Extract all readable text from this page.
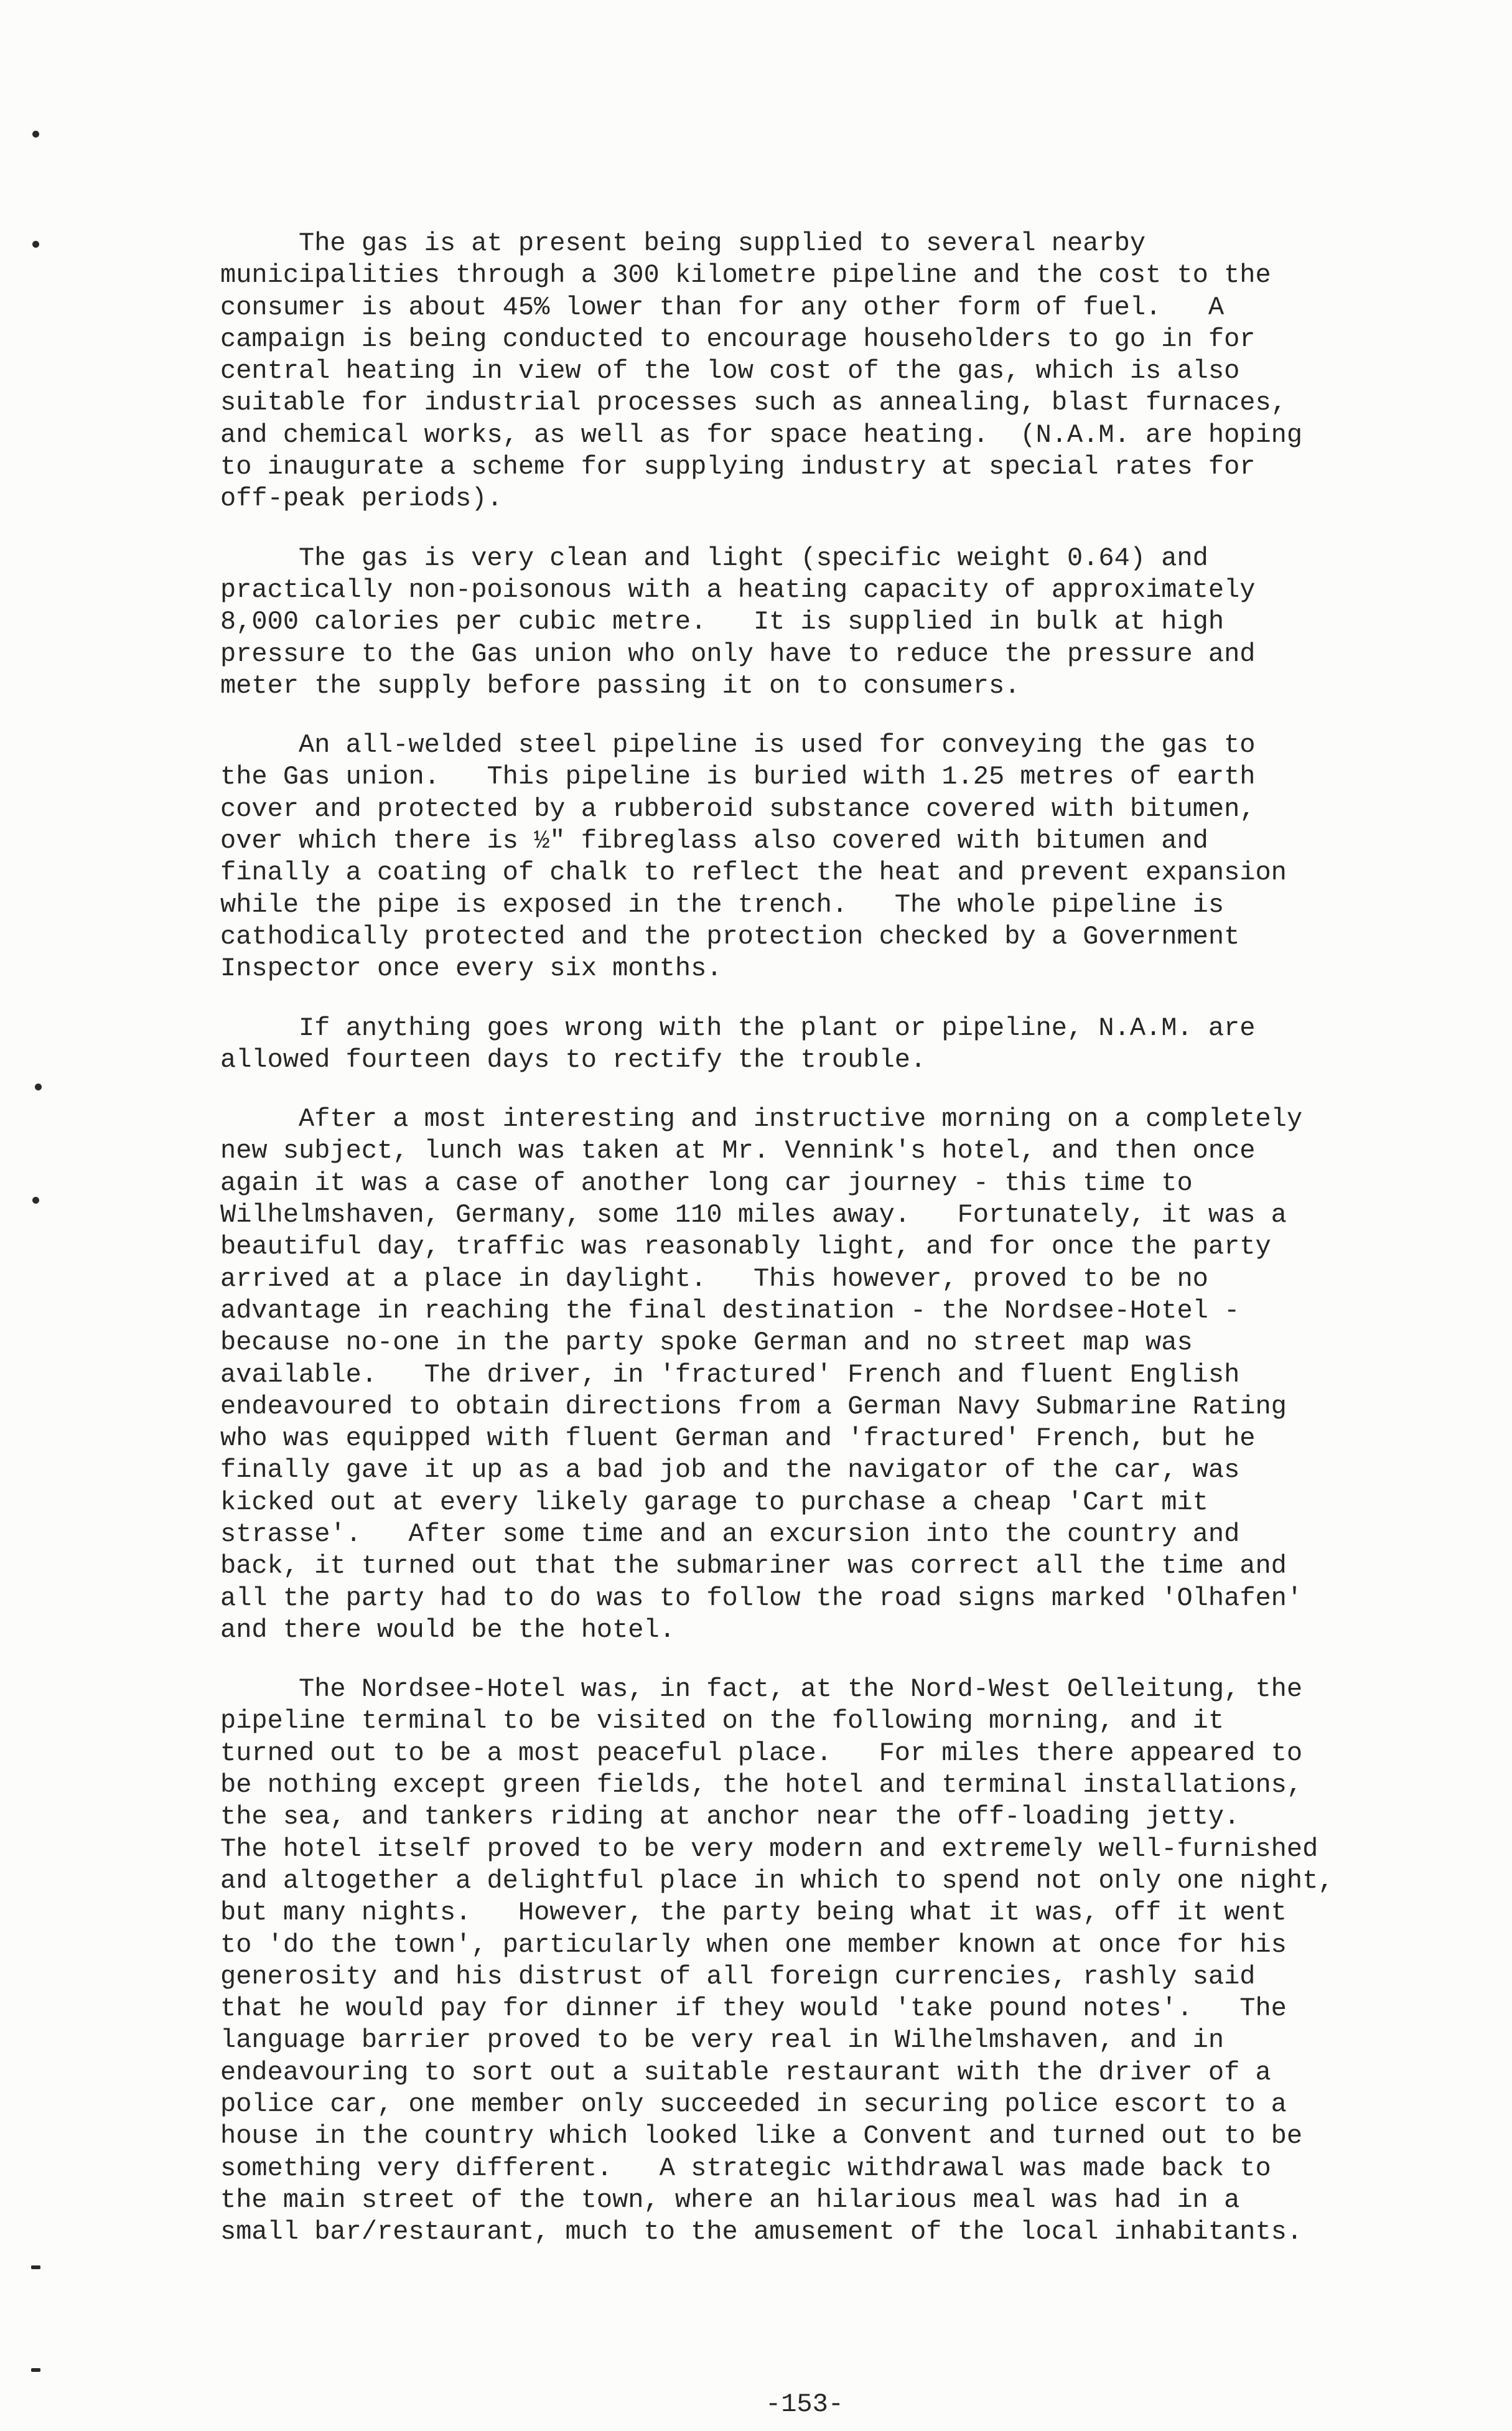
The gas is at present being supplied to several nearby
municipalities through a 300 kilometre pipeline and the cost to the
consumer is about 45% lower than for any other form of fuel.   A
campaign is being conducted to encourage householders to go in for
central heating in view of the low cost of the gas, which is also
suitable for industrial processes such as annealing, blast furnaces,
and chemical works, as well as for space heating.  (N.A.M. are hoping
to inaugurate a scheme for supplying industry at special rates for
off-peak periods).
The gas is very clean and light (specific weight 0.64) and
practically non-poisonous with a heating capacity of approximately
8,000 calories per cubic metre.   It is supplied in bulk at high
pressure to the Gas union who only have to reduce the pressure and
meter the supply before passing it on to consumers.
An all-welded steel pipeline is used for conveying the gas to
the Gas union.   This pipeline is buried with 1.25 metres of earth
cover and protected by a rubberoid substance covered with bitumen,
over which there is ½" fibreglass also covered with bitumen and
finally a coating of chalk to reflect the heat and prevent expansion
while the pipe is exposed in the trench.   The whole pipeline is
cathodically protected and the protection checked by a Government
Inspector once every six months.
If anything goes wrong with the plant or pipeline, N.A.M. are
allowed fourteen days to rectify the trouble.
After a most interesting and instructive morning on a completely
new subject, lunch was taken at Mr. Vennink's hotel, and then once
again it was a case of another long car journey - this time to
Wilhelmshaven, Germany, some 110 miles away.   Fortunately, it was a
beautiful day, traffic was reasonably light, and for once the party
arrived at a place in daylight.   This however, proved to be no
advantage in reaching the final destination - the Nordsee-Hotel -
because no-one in the party spoke German and no street map was
available.   The driver, in 'fractured' French and fluent English
endeavoured to obtain directions from a German Navy Submarine Rating
who was equipped with fluent German and 'fractured' French, but he
finally gave it up as a bad job and the navigator of the car, was
kicked out at every likely garage to purchase a cheap 'Cart mit
strasse'.   After some time and an excursion into the country and
back, it turned out that the submariner was correct all the time and
all the party had to do was to follow the road signs marked 'Olhafen'
and there would be the hotel.
The Nordsee-Hotel was, in fact, at the Nord-West Oelleitung, the
pipeline terminal to be visited on the following morning, and it
turned out to be a most peaceful place.   For miles there appeared to
be nothing except green fields, the hotel and terminal installations,
the sea, and tankers riding at anchor near the off-loading jetty.
The hotel itself proved to be very modern and extremely well-furnished
and altogether a delightful place in which to spend not only one night,
but many nights.   However, the party being what it was, off it went
to 'do the town', particularly when one member known at once for his
generosity and his distrust of all foreign currencies, rashly said
that he would pay for dinner if they would 'take pound notes'.   The
language barrier proved to be very real in Wilhelmshaven, and in
endeavouring to sort out a suitable restaurant with the driver of a
police car, one member only succeeded in securing police escort to a
house in the country which looked like a Convent and turned out to be
something very different.   A strategic withdrawal was made back to
the main street of the town, where an hilarious meal was had in a
small bar/restaurant, much to the amusement of the local inhabitants.
-153-
